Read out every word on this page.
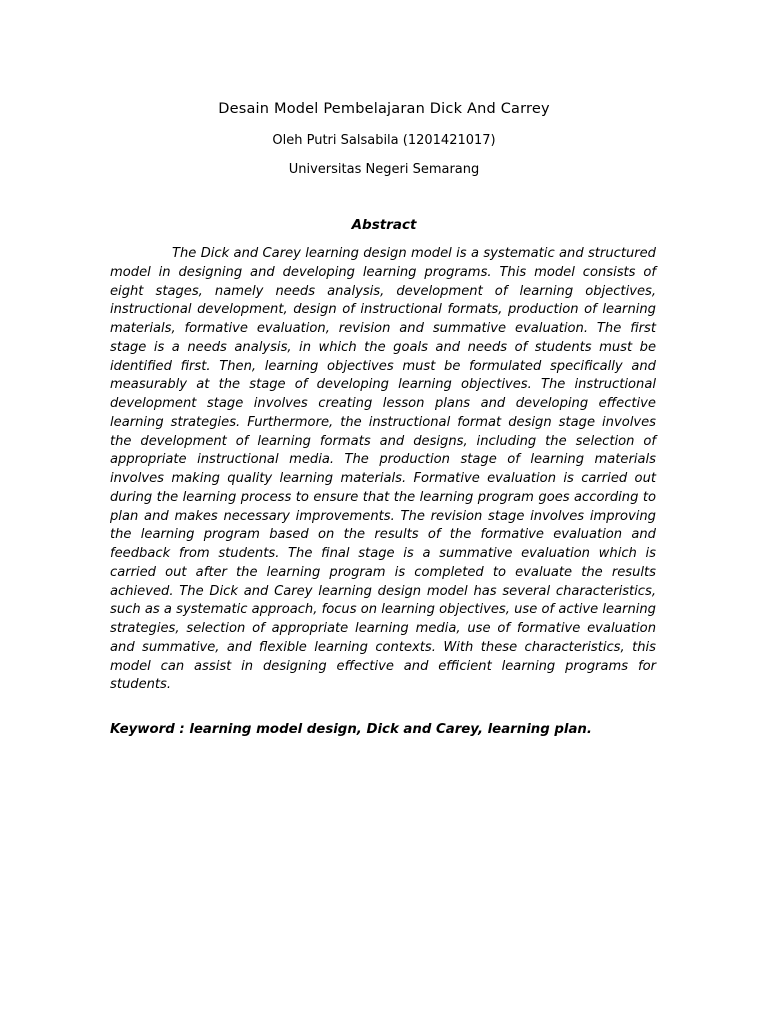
Desain Model Pembelajaran Dick And Carrey
Oleh Putri Salsabila (1201421017)
Universitas Negeri Semarang
Abstract

The Dick and Carey learning design model is a systematic and structured model in designing and developing learning programs. This model consists of eight stages, namely needs analysis, development of learning objectives, instructional development, design of instructional formats, production of learning materials, formative evaluation, revision and summative evaluation. The first stage is a needs analysis, in which the goals and needs of students must be identified first. Then, learning objectives must be formulated specifically and measurably at the stage of developing learning objectives. The instructional development stage involves creating lesson plans and developing effective learning strategies. Furthermore, the instructional format design stage involves the development of learning formats and designs, including the selection of appropriate instructional media. The production stage of learning materials involves making quality learning materials. Formative evaluation is carried out during the learning process to ensure that the learning program goes according to plan and makes necessary improvements. The revision stage involves improving the learning program based on the results of the formative evaluation and feedback from students. The final stage is a summative evaluation which is carried out after the learning program is completed to evaluate the results achieved. The Dick and Carey learning design model has several characteristics, such as a systematic approach, focus on learning objectives, use of active learning strategies, selection of appropriate learning media, use of formative evaluation and summative, and flexible learning contexts. With these characteristics, this model can assist in designing effective and efficient learning programs for students.

Keyword : learning model design, Dick and Carey, learning plan.
